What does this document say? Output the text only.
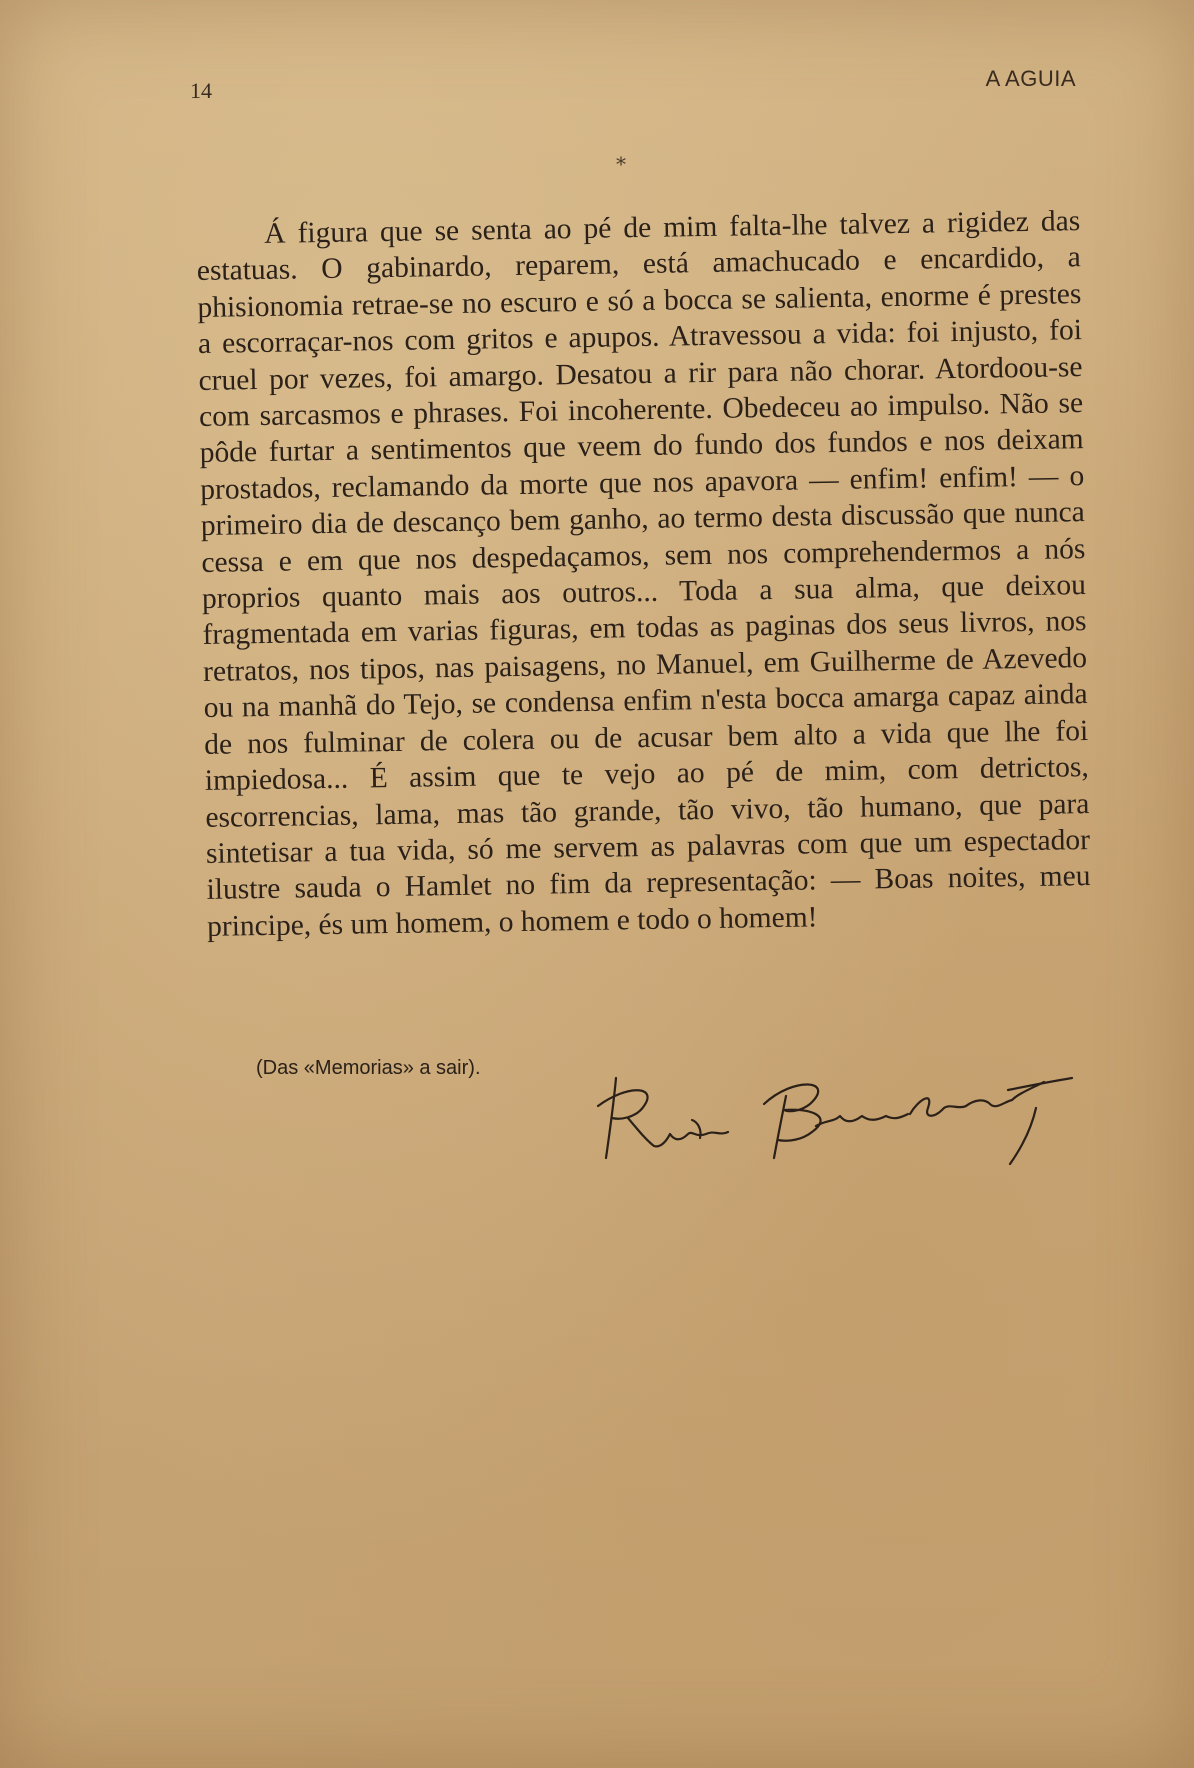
14	A AGUIA
*

Á figura que se senta ao pé de mim falta-lhe talvez a rigidez das estatuas. O gabinardo, reparem, está amachucado e encardido, a phisionomia retrae-se no escuro e só a bocca se salienta, enorme é prestes a escorraçar-nos com gritos e apupos. Atravessou a vida: foi injusto, foi cruel por vezes, foi amargo. Desatou a rir para não chorar. Atordoou-se com sarcasmos e phrases. Foi incoherente. Obedeceu ao impulso. Não se pôde furtar a sentimentos que veem do fundo dos fundos e nos deixam prostados, reclamando da morte que nos apavora — enfim! enfim! — o primeiro dia de descanço bem ganho, ao termo desta discussão que nunca cessa e em que nos despedaçamos, sem nos comprehendermos a nós proprios quanto mais aos outros... Toda a sua alma, que deixou fragmentada em varias figuras, em todas as paginas dos seus livros, nos retratos, nos tipos, nas paisagens, no Manuel, em Guilherme de Azevedo ou na manhã do Tejo, se condensa enfim n'esta bocca amarga capaz ainda de nos fulminar de colera ou de acusar bem alto a vida que lhe foi impiedosa... É assim que te vejo ao pé de mim, com detrictos, escorrencias, lama, mas tão grande, tão vivo, tão humano, que para sintetisar a tua vida, só me servem as palavras com que um espectador ilustre sauda o Hamlet no fim da representação: — Boas noites, meu principe, és um homem, o homem e todo o homem!

(Das «Memorias» a sair).
